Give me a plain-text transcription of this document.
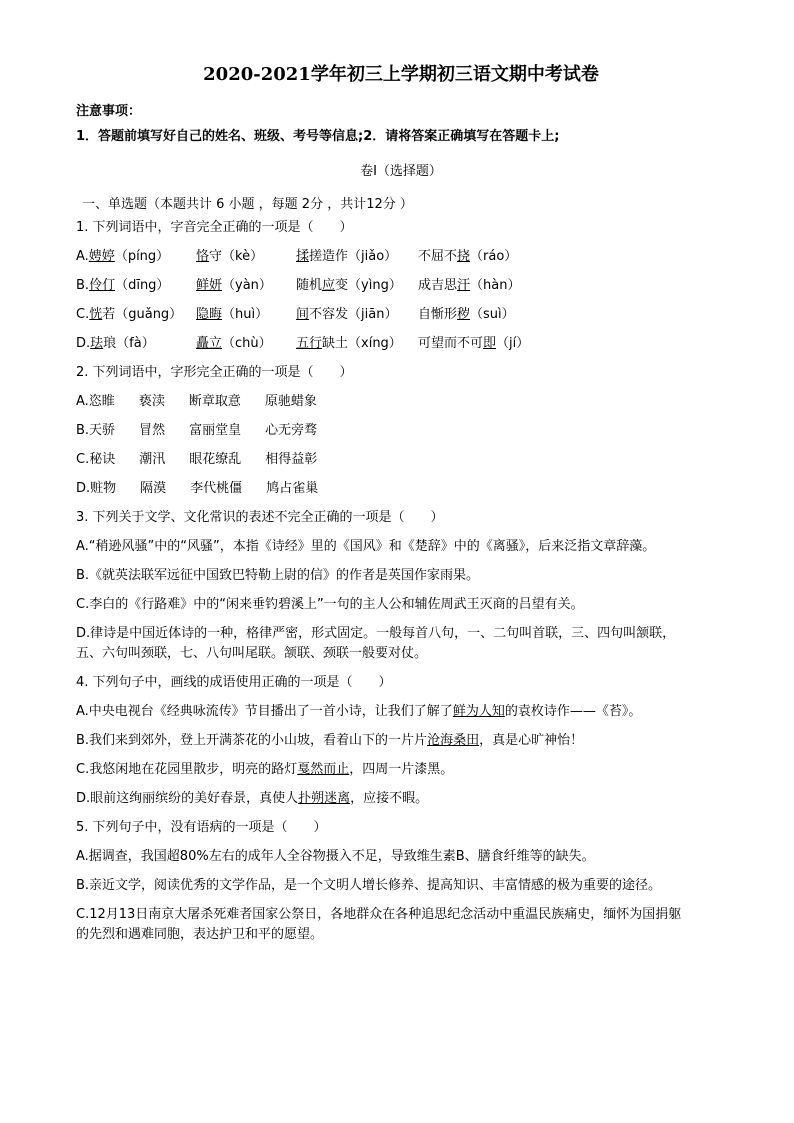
2020-2021学年初三上学期初三语文期中考试卷
注意事项：
1．答题前填写好自己的姓名、班级、考号等信息;2．请将答案正确填写在答题卡上;
卷I（选择题）
一、单选题（本题共计 6 小题 ，每题 2分 ，共计12分 ）
1. 下列词语中，字音完全正确的一项是（　　）
A.娉婷（píng）	恪守（kè）	揉搓造作（jiǎo）	不屈不挠（ráo）
B.伶仃（dīng）	鲜妍（yàn）	随机应变（yìng）	成吉思汗（hàn）
C.恍若（guǎng）	隐晦（huì）	间不容发（jiān）	自惭形秽（suì）
D.珐琅（fà）	矗立（chù）	五行缺土（xíng）	可望而不可即（jí）
2. 下列词语中，字形完全正确的一项是（　　）
A.恣睢 亵渎 断章取意 原驰蜡象
B.天骄 冒然 富丽堂皇 心无旁骛
C.秘诀 潮汛 眼花缭乱 相得益彰
D.赃物 隔漠 李代桃僵 鸠占雀巢
3. 下列关于文学、文化常识的表述不完全正确的一项是（　　）
A.“稍逊风骚”中的“风骚”，本指《诗经》里的《国风》和《楚辞》中的《离骚》，后来泛指文章辞藻。
B.《就英法联军远征中国致巴特勒上尉的信》的作者是英国作家雨果。
C.李白的《行路难》中的“闲来垂钓碧溪上”一句的主人公和辅佐周武王灭商的吕望有关。
D.律诗是中国近体诗的一种，格律严密，形式固定。一般每首八句，一、二句叫首联，三、四句叫颔联，
五、六句叫颈联，七、八句叫尾联。颔联、颈联一般要对仗。
4. 下列句子中，画线的成语使用正确的一项是（　　）
A.中央电视台《经典咏流传》节目播出了一首小诗，让我们了解了鲜为人知的袁枚诗作——《苔》。
B.我们来到郊外，登上开满茶花的小山坡，看着山下的一片片沧海桑田，真是心旷神怡！
C.我悠闲地在花园里散步，明亮的路灯戛然而止，四周一片漆黑。
D.眼前这绚丽缤纷的美好春景，真使人扑朔迷离，应接不暇。
5. 下列句子中，没有语病的一项是（　　）
A.据调查，我国超80%左右的成年人全谷物摄入不足，导致维生素B、膳食纤维等的缺失。
B.亲近文学，阅读优秀的文学作品，是一个文明人增长修养、提高知识、丰富情感的极为重要的途径。
C.12月13日南京大屠杀死难者国家公祭日，各地群众在各种追思纪念活动中重温民族痛史，缅怀为国捐躯
的先烈和遇难同胞，表达护卫和平的愿望。
